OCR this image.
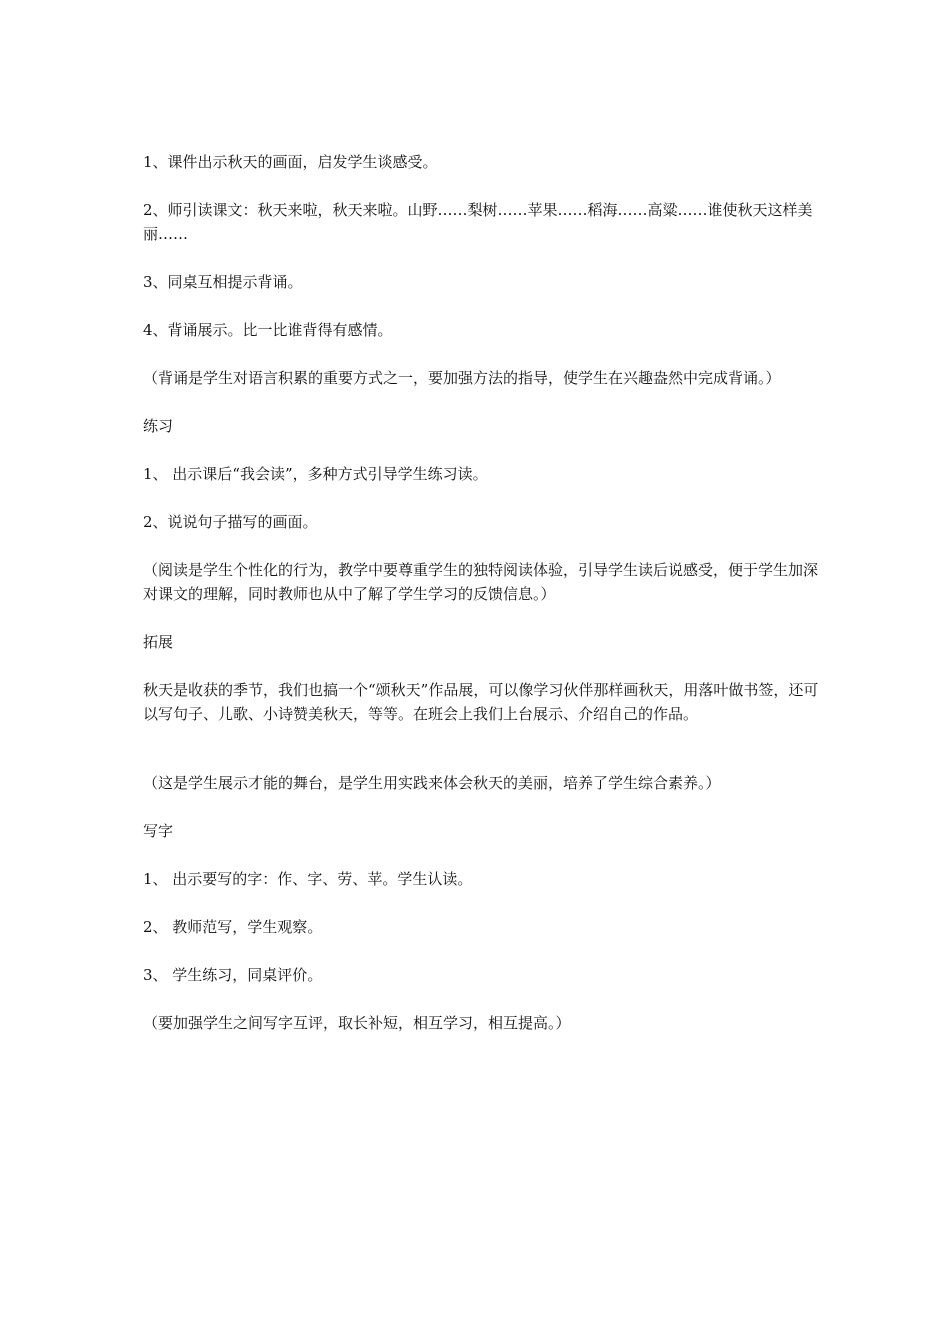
1、课件出示秋天的画面，启发学生谈感受。

2、师引读课文：秋天来啦，秋天来啦。山野……梨树……苹果……稻海……高粱……谁使秋天这样美丽……

3、同桌互相提示背诵。

4、背诵展示。比一比谁背得有感情。

（背诵是学生对语言积累的重要方式之一，要加强方法的指导，使学生在兴趣盎然中完成背诵。）

练习

1、 出示课后“我会读”，多种方式引导学生练习读。

2、说说句子描写的画面。

（阅读是学生个性化的行为，教学中要尊重学生的独特阅读体验，引导学生读后说感受，便于学生加深对课文的理解，同时教师也从中了解了学生学习的反馈信息。）

拓展

秋天是收获的季节，我们也搞一个“颂秋天”作品展，可以像学习伙伴那样画秋天，用落叶做书签，还可以写句子、儿歌、小诗赞美秋天，等等。在班会上我们上台展示、介绍自己的作品。

（这是学生展示才能的舞台，是学生用实践来体会秋天的美丽，培养了学生综合素养。）

写字

1、 出示要写的字：作、字、劳、苹。学生认读。

2、 教师范写，学生观察。

3、 学生练习，同桌评价。

（要加强学生之间写字互评，取长补短，相互学习，相互提高。）
